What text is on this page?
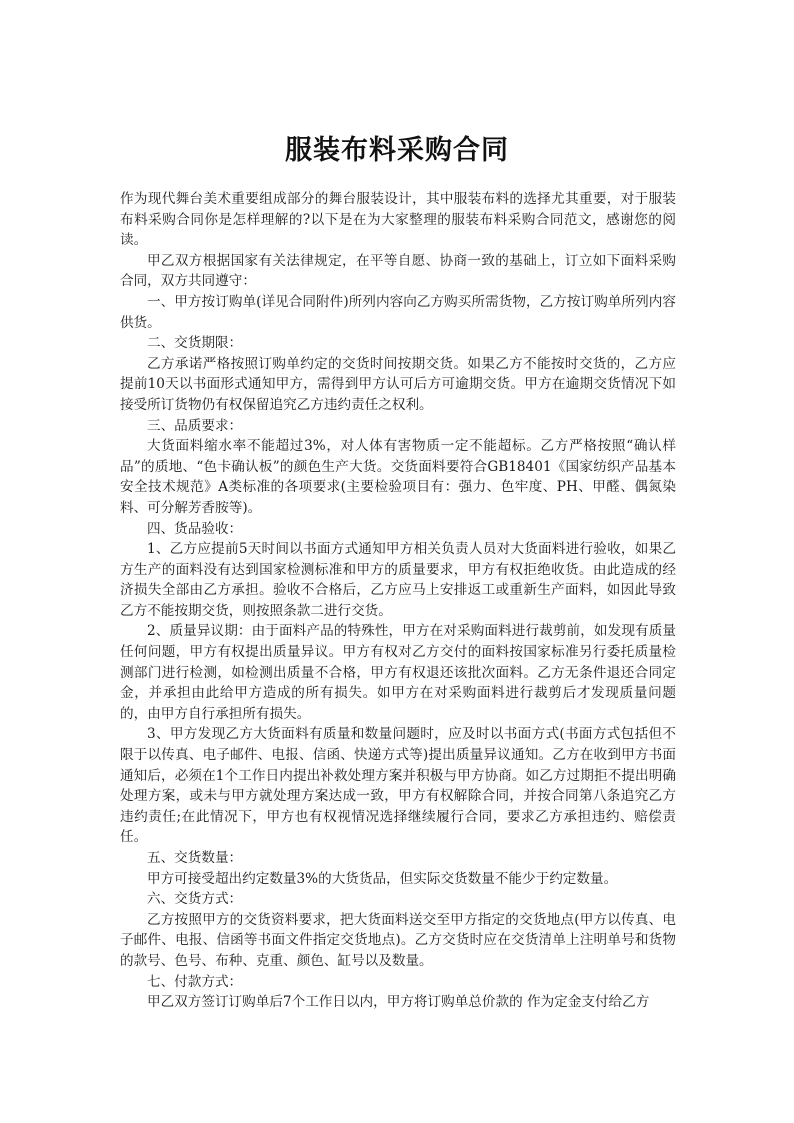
服装布料采购合同

作为现代舞台美术重要组成部分的舞台服装设计，其中服装布料的选择尤其重要，对于服装布料采购合同你是怎样理解的?以下是在为大家整理的服装布料采购合同范文，感谢您的阅读。

甲乙双方根据国家有关法律规定，在平等自愿、协商一致的基础上，订立如下面料采购合同，双方共同遵守：

一、甲方按订购单(详见合同附件)所列内容向乙方购买所需货物，乙方按订购单所列内容供货。

二、交货期限：

乙方承诺严格按照订购单约定的交货时间按期交货。如果乙方不能按时交货的，乙方应提前10天以书面形式通知甲方，需得到甲方认可后方可逾期交货。甲方在逾期交货情况下如接受所订货物仍有权保留追究乙方违约责任之权利。

三、品质要求：

大货面料缩水率不能超过3%，对人体有害物质一定不能超标。乙方严格按照“确认样品”的质地、“色卡确认板”的颜色生产大货。交货面料要符合GB18401《国家纺织产品基本安全技术规范》A类标准的各项要求(主要检验项目有：强力、色牢度、PH、甲醛、偶氮染料、可分解芳香胺等)。

四、货品验收：

1、乙方应提前5天时间以书面方式通知甲方相关负责人员对大货面料进行验收，如果乙方生产的面料没有达到国家检测标准和甲方的质量要求，甲方有权拒绝收货。由此造成的经济损失全部由乙方承担。验收不合格后，乙方应马上安排返工或重新生产面料，如因此导致乙方不能按期交货，则按照条款二进行交货。

2、质量异议期：由于面料产品的特殊性，甲方在对采购面料进行裁剪前，如发现有质量任何问题，甲方有权提出质量异议。甲方有权对乙方交付的面料按国家标准另行委托质量检测部门进行检测，如检测出质量不合格，甲方有权退还该批次面料。乙方无条件退还合同定金，并承担由此给甲方造成的所有损失。如甲方在对采购面料进行裁剪后才发现质量问题的，由甲方自行承担所有损失。

3、甲方发现乙方大货面料有质量和数量问题时，应及时以书面方式(书面方式包括但不限于以传真、电子邮件、电报、信函、快递方式等)提出质量异议通知。乙方在收到甲方书面通知后，必须在1个工作日内提出补救处理方案并积极与甲方协商。如乙方过期拒不提出明确处理方案，或未与甲方就处理方案达成一致，甲方有权解除合同，并按合同第八条追究乙方违约责任;在此情况下，甲方也有权视情况选择继续履行合同，要求乙方承担违约、赔偿责任。

五、交货数量：

甲方可接受超出约定数量3%的大货货品，但实际交货数量不能少于约定数量。

六、交货方式：

乙方按照甲方的交货资料要求，把大货面料送交至甲方指定的交货地点(甲方以传真、电子邮件、电报、信函等书面文件指定交货地点)。乙方交货时应在交货清单上注明单号和货物的款号、色号、布种、克重、颜色、缸号以及数量。

七、付款方式：

甲乙双方签订订购单后7个工作日以内，甲方将订购单总价款的 作为定金支付给乙方
